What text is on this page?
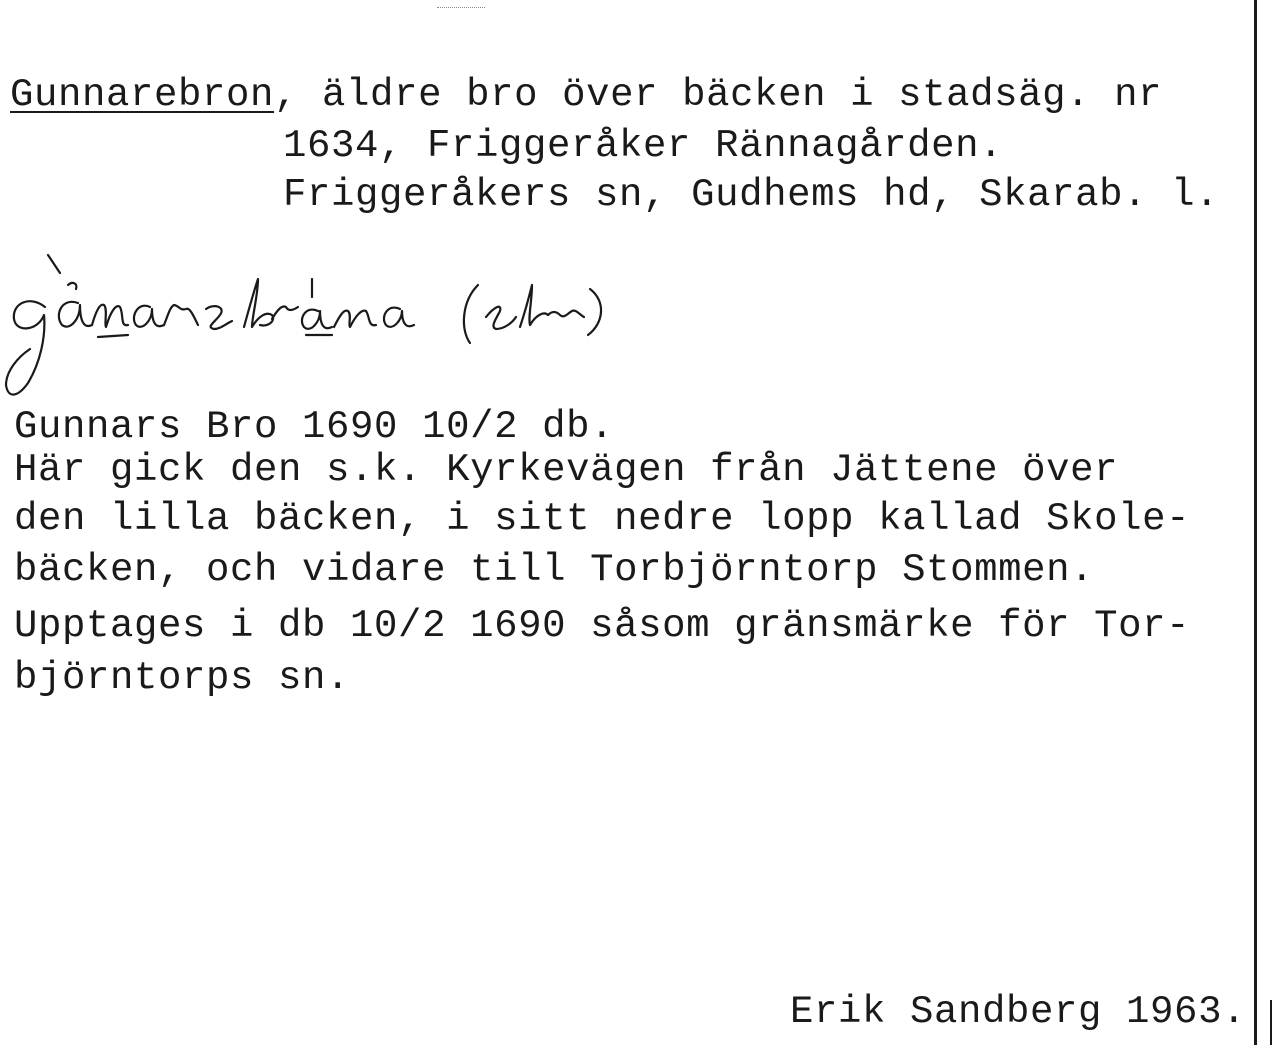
Gunnarebron, äldre bro över bäcken i stadsäg. nr
1634, Friggeråker Rännagården.
Friggeråkers sn, Gudhems hd, Skarab. l.
Gunnars Bro 1690 10/2 db.
Här gick den s.k. Kyrkevägen från Jättene över
den lilla bäcken, i sitt nedre lopp kallad Skole-
bäcken, och vidare till Torbjörntorp Stommen.
Upptages i db 10/2 1690 såsom gränsmärke för Tor-
björntorps sn.
Erik Sandberg 1963.
